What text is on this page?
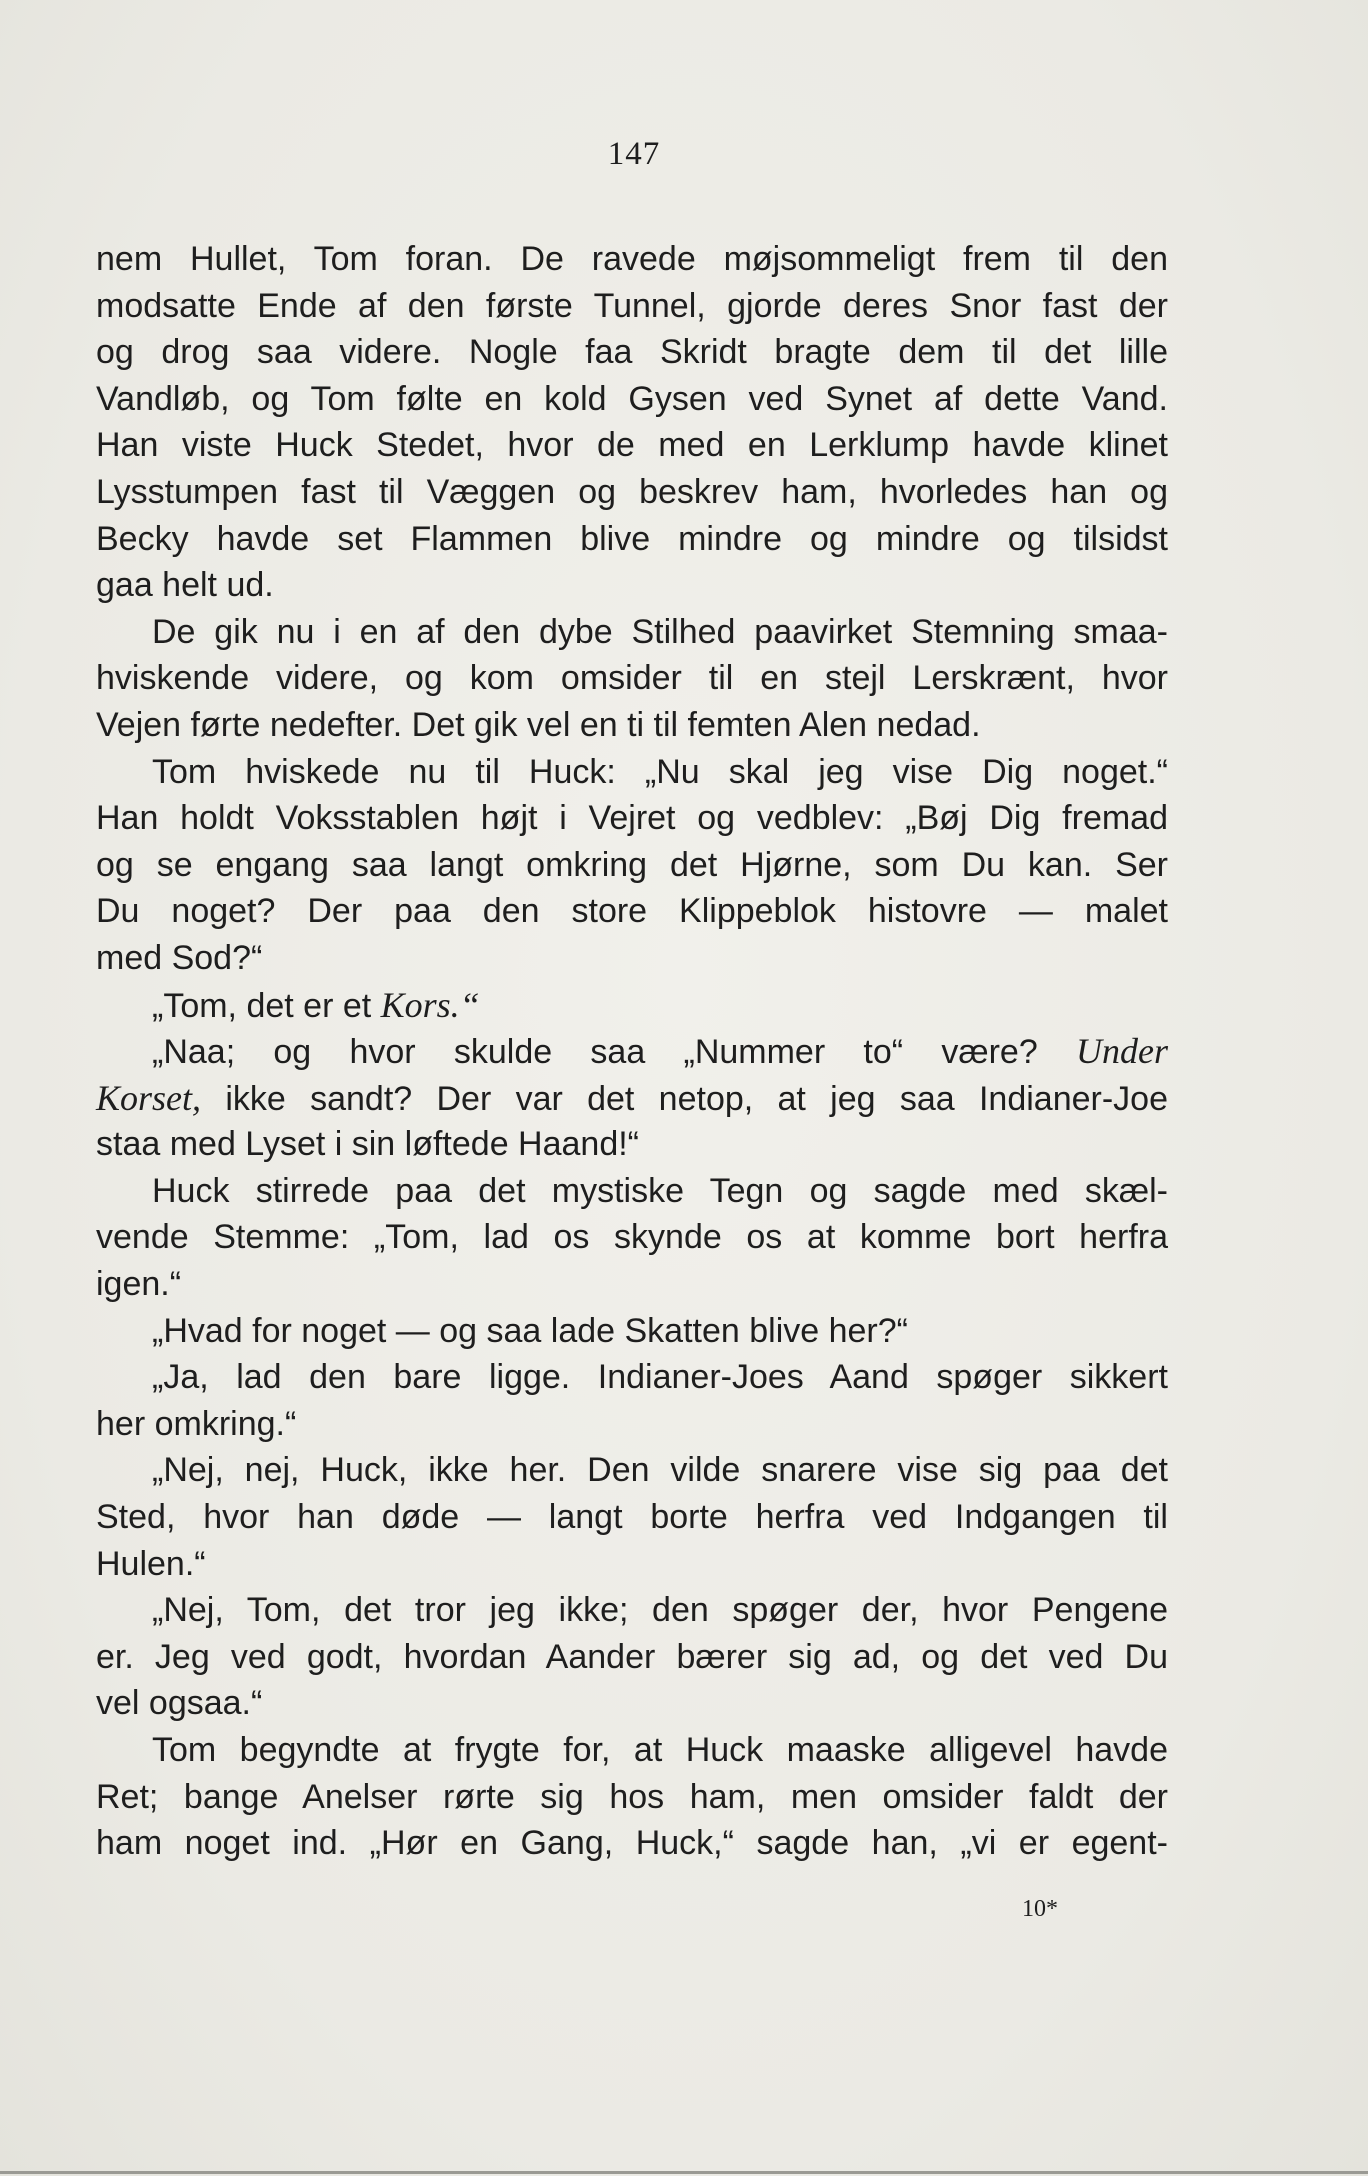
147
nem Hullet, Tom foran. De ravede møjsommeligt frem til den
modsatte Ende af den første Tunnel, gjorde deres Snor fast der
og drog saa videre. Nogle faa Skridt bragte dem til det lille
Vandløb, og Tom følte en kold Gysen ved Synet af dette Vand.
Han viste Huck Stedet, hvor de med en Lerklump havde klinet
Lysstumpen fast til Væggen og beskrev ham, hvorledes han og
Becky havde set Flammen blive mindre og mindre og tilsidst
gaa helt ud.
De gik nu i en af den dybe Stilhed paavirket Stemning smaa-
hviskende videre, og kom omsider til en stejl Lerskrænt, hvor
Vejen førte nedefter. Det gik vel en ti til femten Alen nedad.
Tom hviskede nu til Huck: „Nu skal jeg vise Dig noget.“
Han holdt Voksstablen højt i Vejret og vedblev: „Bøj Dig fremad
og se engang saa langt omkring det Hjørne, som Du kan. Ser
Du noget? Der paa den store Klippeblok histovre — malet
med Sod?“
„Tom, det er et Kors.“
„Naa; og hvor skulde saa „Nummer to“ være? Under
Korset, ikke sandt? Der var det netop, at jeg saa Indianer-Joe
staa med Lyset i sin løftede Haand!“
Huck stirrede paa det mystiske Tegn og sagde med skæl-
vende Stemme: „Tom, lad os skynde os at komme bort herfra
igen.“
„Hvad for noget — og saa lade Skatten blive her?“
„Ja, lad den bare ligge. Indianer-Joes Aand spøger sikkert
her omkring.“
„Nej, nej, Huck, ikke her. Den vilde snarere vise sig paa det
Sted, hvor han døde — langt borte herfra ved Indgangen til
Hulen.“
„Nej, Tom, det tror jeg ikke; den spøger der, hvor Pengene
er. Jeg ved godt, hvordan Aander bærer sig ad, og det ved Du
vel ogsaa.“
Tom begyndte at frygte for, at Huck maaske alligevel havde
Ret; bange Anelser rørte sig hos ham, men omsider faldt der
ham noget ind. „Hør en Gang, Huck,“ sagde han, „vi er egent-
10*
